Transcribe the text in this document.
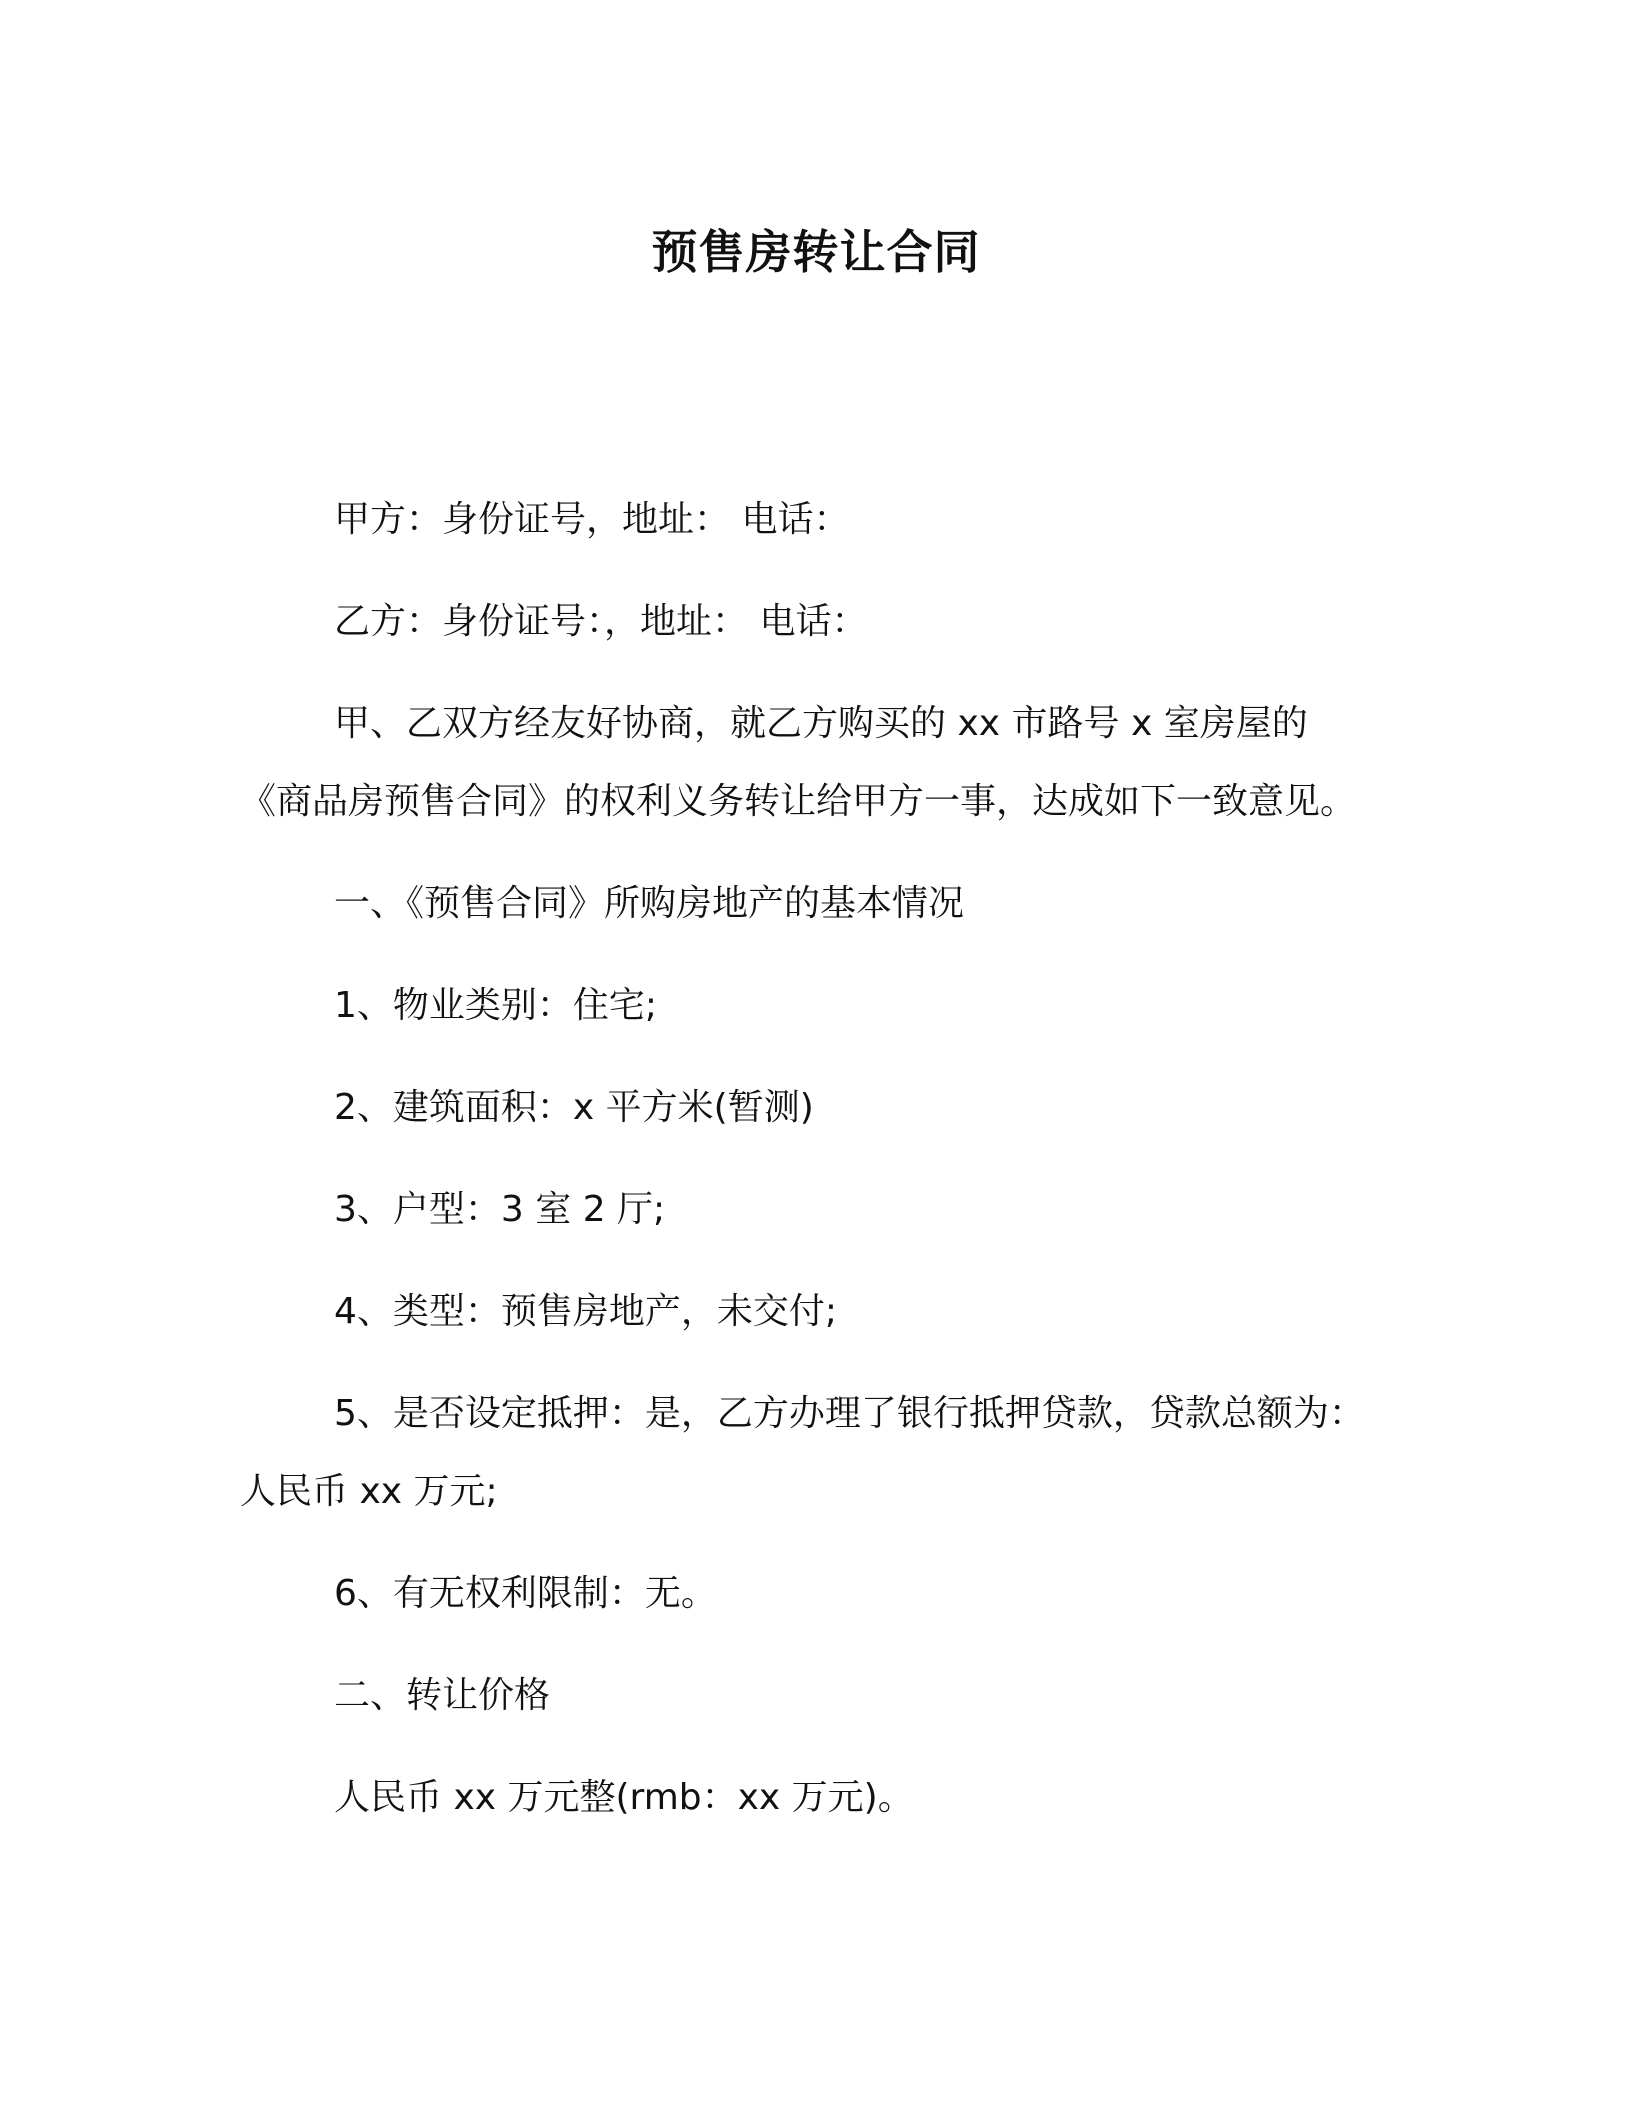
预售房转让合同
甲方：身份证号，地址： 电话：
乙方：身份证号：，地址： 电话：
甲、乙双方经友好协商，就乙方购买的 xx 市路号 x 室房屋的
《商品房预售合同》的权利义务转让给甲方一事，达成如下一致意见。
一、《预售合同》所购房地产的基本情况
1、物业类别：住宅;
2、建筑面积：x 平方米(暂测)
3、户型：3 室 2 厅;
4、类型：预售房地产，未交付;
5、是否设定抵押：是，乙方办理了银行抵押贷款，贷款总额为：
人民币 xx 万元;
6、有无权利限制：无。
二、转让价格
人民币 xx 万元整(rmb：xx 万元)。
